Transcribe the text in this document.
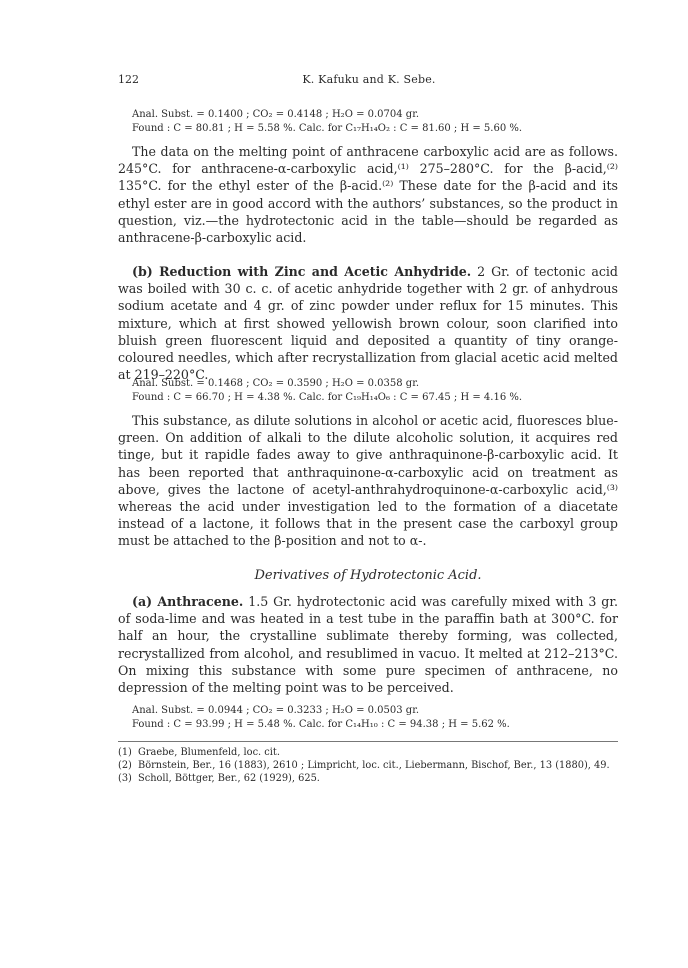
122	K. Kafuku and K. Sebe.
Anal. Subst. = 0.1400 ; CO₂ = 0.4148 ; H₂O = 0.0704 gr.
Found : C = 80.81 ; H = 5.58 %. Calc. for C₁₇H₁₄O₂ : C = 81.60 ; H = 5.60 %.

The data on the melting point of anthracene carboxylic acid are as follows. 245°C. for anthracene-α-carboxylic acid,⁽¹⁾ 275–280°C. for the β-acid,⁽²⁾ 135°C. for the ethyl ester of the β-acid.⁽²⁾ These date for the β-acid and its ethyl ester are in good accord with the authors’ substances, so the product in question, viz.—the hydrotectonic acid in the table—should be regarded as anthracene-β-carboxylic acid.

(b) Reduction with Zinc and Acetic Anhydride. 2 Gr. of tectonic acid was boiled with 30 c. c. of acetic anhydride together with 2 gr. of anhydrous sodium acetate and 4 gr. of zinc powder under reflux for 15 minutes. This mixture, which at first showed yellowish brown colour, soon clarified into bluish green fluorescent liquid and deposited a quantity of tiny orange-coloured needles, which after recrystallization from glacial acetic acid melted at 219–220°C.

Anal. Subst. = 0.1468 ; CO₂ = 0.3590 ; H₂O = 0.0358 gr.
Found : C = 66.70 ; H = 4.38 %. Calc. for C₁₉H₁₄O₆ : C = 67.45 ; H = 4.16 %.

This substance, as dilute solutions in alcohol or acetic acid, fluoresces blue-green. On addition of alkali to the dilute alcoholic solution, it acquires red tinge, but it rapidle fades away to give anthraquinone-β-carboxylic acid. It has been reported that anthraquinone-α-carboxylic acid on treatment as above, gives the lactone of acetyl-anthrahydroquinone-α-carboxylic acid,⁽³⁾ whereas the acid under investigation led to the formation of a diacetate instead of a lactone, it follows that in the present case the carboxyl group must be attached to the β-position and not to α-.

Derivatives of Hydrotectonic Acid.

(a) Anthracene. 1.5 Gr. hydrotectonic acid was carefully mixed with 3 gr. of soda-lime and was heated in a test tube in the paraffin bath at 300°C. for half an hour, the crystalline sublimate thereby forming, was collected, recrystallized from alcohol, and resublimed in vacuo. It melted at 212–213°C. On mixing this substance with some pure specimen of anthracene, no depression of the melting point was to be perceived.

Anal. Subst. = 0.0944 ; CO₂ = 0.3233 ; H₂O = 0.0503 gr.
Found : C = 93.99 ; H = 5.48 %. Calc. for C₁₄H₁₀ : C = 94.38 ; H = 5.62 %.
(1) Graebe, Blumenfeld, loc. cit.
(2) Börnstein, Ber., 16 (1883), 2610 ; Limpricht, loc. cit., Liebermann, Bischof, Ber., 13 (1880), 49.
(3) Scholl, Böttger, Ber., 62 (1929), 625.
